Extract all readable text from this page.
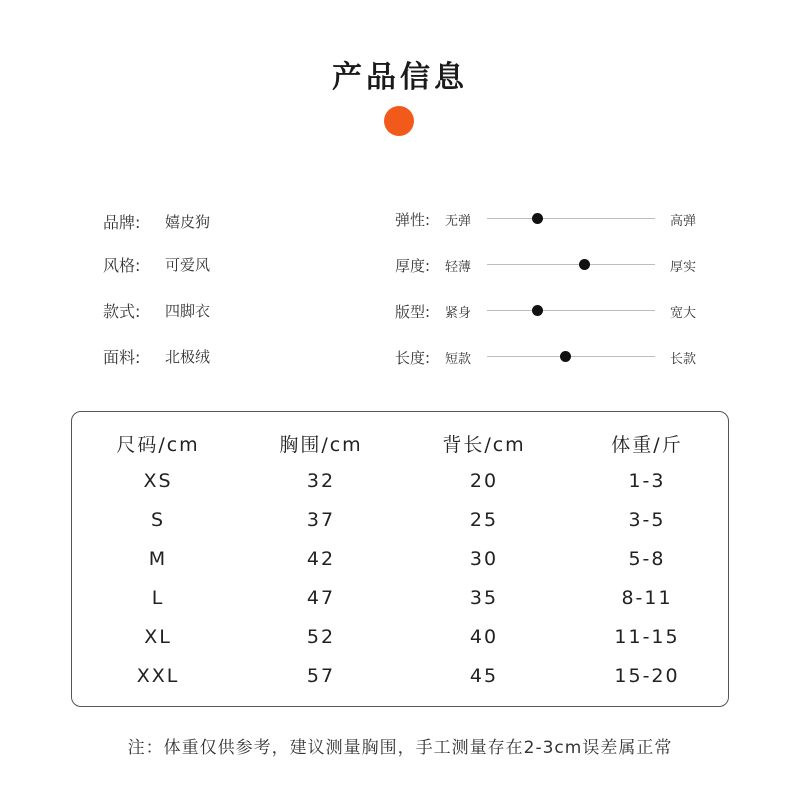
产品信息
品牌:	嬉皮狗
风格:	可爱风
款式:	四脚衣
面料:	北极绒
弹性: 无弹	高弹
厚度: 轻薄	厚实
版型: 紧身	宽大
长度: 短款	长款
尺码/cm	胸围/cm	背长/cm	体重/斤
XS	32	20	1-3
S	37	25	3-5
M	42	30	5-8
L	47	35	8-11
XL	52	40	11-15
XXL	57	45	15-20
注：体重仅供参考，建议测量胸围，手工测量存在2-3cm误差属正常
